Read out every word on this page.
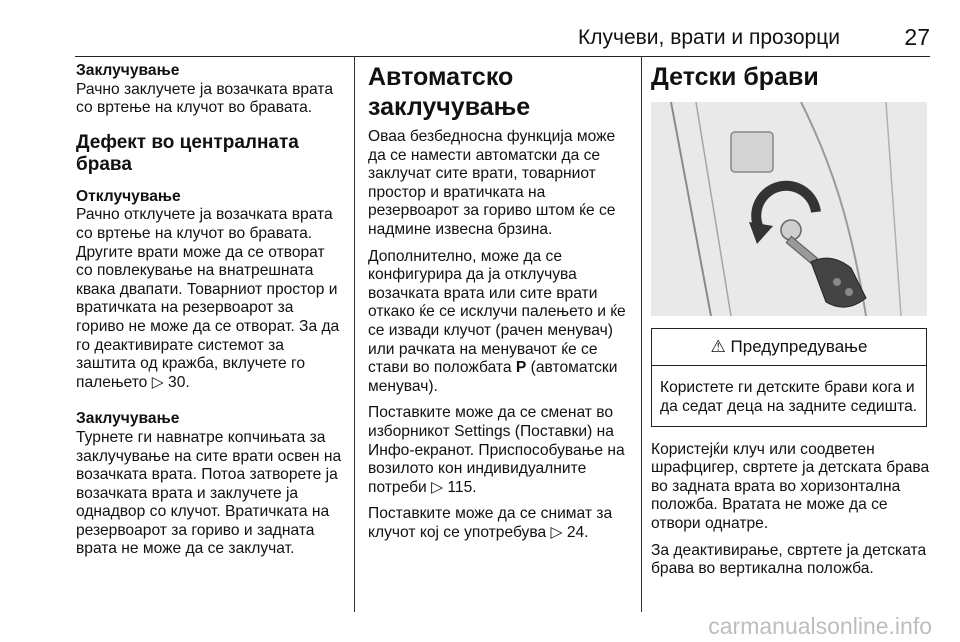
Клучеви, врати и прозорци	27

Заклучување

Рачно заклучете ја возачката врата со вртење на клучот во бравата.

Дефект во централната брава

Отклучување

Рачно отклучете ја возачката врата со вртење на клучот во бравата. Другите врати може да се отворат со повлекување на внатрешната квака двапати. Товарниот простор и вратичката на резервоарот за гориво не може да се отворат. За да го деактивирате системот за заштита од кражба, вклучете го палењето ▷ 30.

Заклучување

Турнете ги навнатре копчињата за заклучување на сите врати освен на возачката врата. Потоа затворете ја возачката врата и заклучете ја однадвор со клучот. Вратичката на резервоарот за гориво и задната врата не може да се заклучат.

Автоматско заклучување

Оваа безбедносна функција може да се намести автоматски да се заклучат сите врати, товарниот простор и вратичката на резервоарот за гориво штом ќе се надмине извесна брзина.

Дополнително, може да се конфигурира да ја отклучува возачката врата или сите врати откако ќе се исклучи палењето и ќе се извади клучот (рачен менувач) или рачката на менувачот ќе се стави во положбата P (автоматски менувач).

Поставките може да се сменат во изборникот Settings (Поставки) на Инфо-екранот. Приспособување на возилото кон индивидуалните потреби ▷ 115.

Поставките може да се снимат за клучот кој се употребува ▷ 24.

Детски брави

⚠ Предупредување
Користете ги детските брави кога и да седат деца на задните седишта.

Користејќи клуч или соодветен шрафцигер, свртете ја детската брава во задната врата во хоризонтална положба. Вратата не може да се отвори однатре.

За деактивирање, свртете ја детската брава во вертикална положба.

carmanualsonline.info
